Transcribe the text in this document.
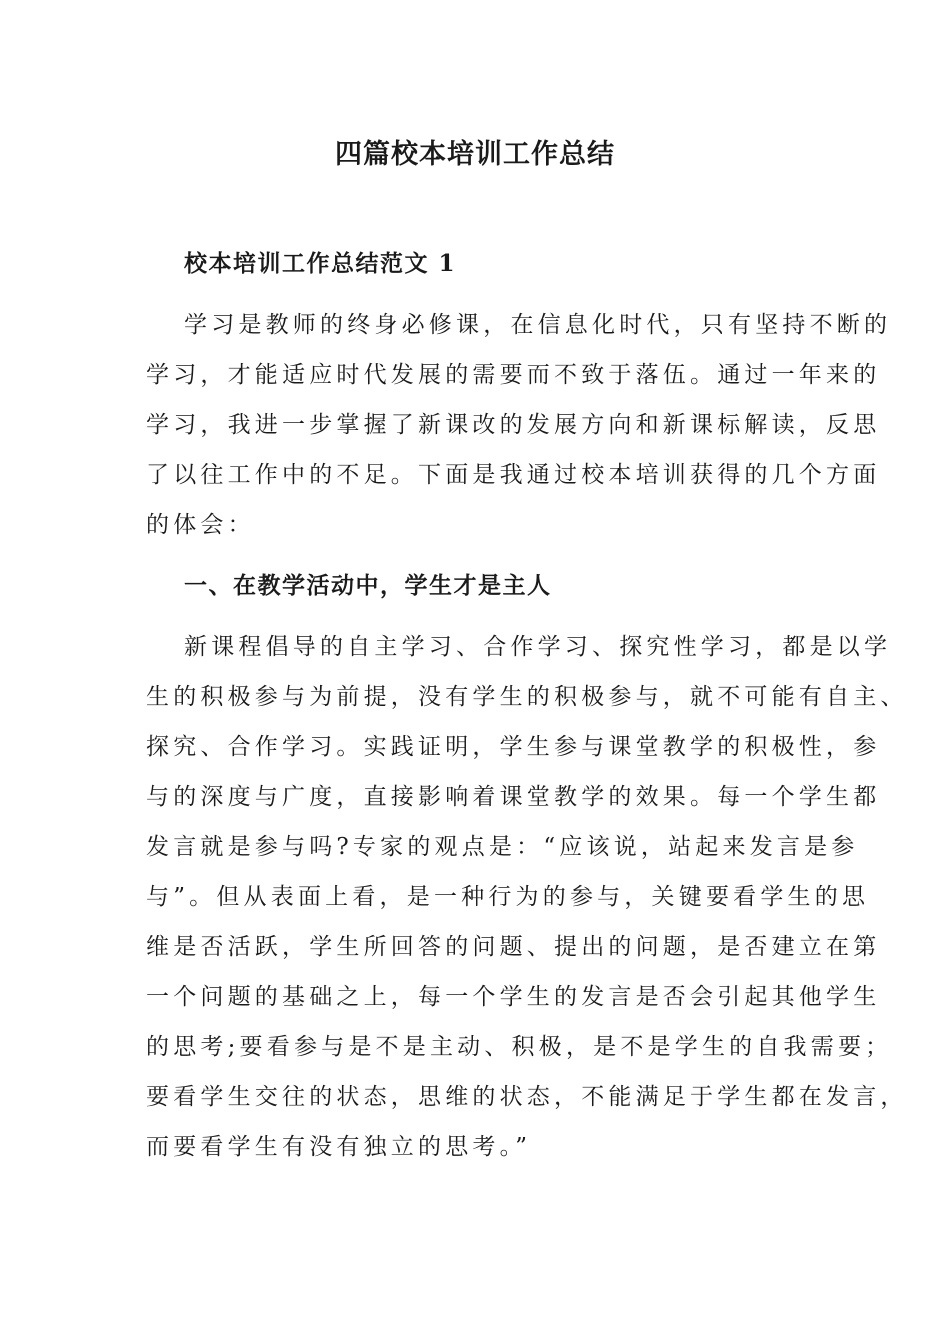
四篇校本培训工作总结
校本培训工作总结范文 1
学习是教师的终身必修课，在信息化时代，只有坚持不断的
学习，才能适应时代发展的需要而不致于落伍。通过一年来的
学习，我进一步掌握了新课改的发展方向和新课标解读，反思
了以往工作中的不足。下面是我通过校本培训获得的几个方面
的体会：
一、在教学活动中，学生才是主人
新课程倡导的自主学习、合作学习、探究性学习，都是以学
生的积极参与为前提，没有学生的积极参与，就不可能有自主、
探究、合作学习。实践证明，学生参与课堂教学的积极性，参
与的深度与广度，直接影响着课堂教学的效果。每一个学生都
发言就是参与吗?专家的观点是：“应该说，站起来发言是参
与”。但从表面上看，是一种行为的参与，关键要看学生的思
维是否活跃，学生所回答的问题、提出的问题，是否建立在第
一个问题的基础之上，每一个学生的发言是否会引起其他学生
的思考;要看参与是不是主动、积极，是不是学生的自我需要；
要看学生交往的状态，思维的状态，不能满足于学生都在发言，
而要看学生有没有独立的思考。”
